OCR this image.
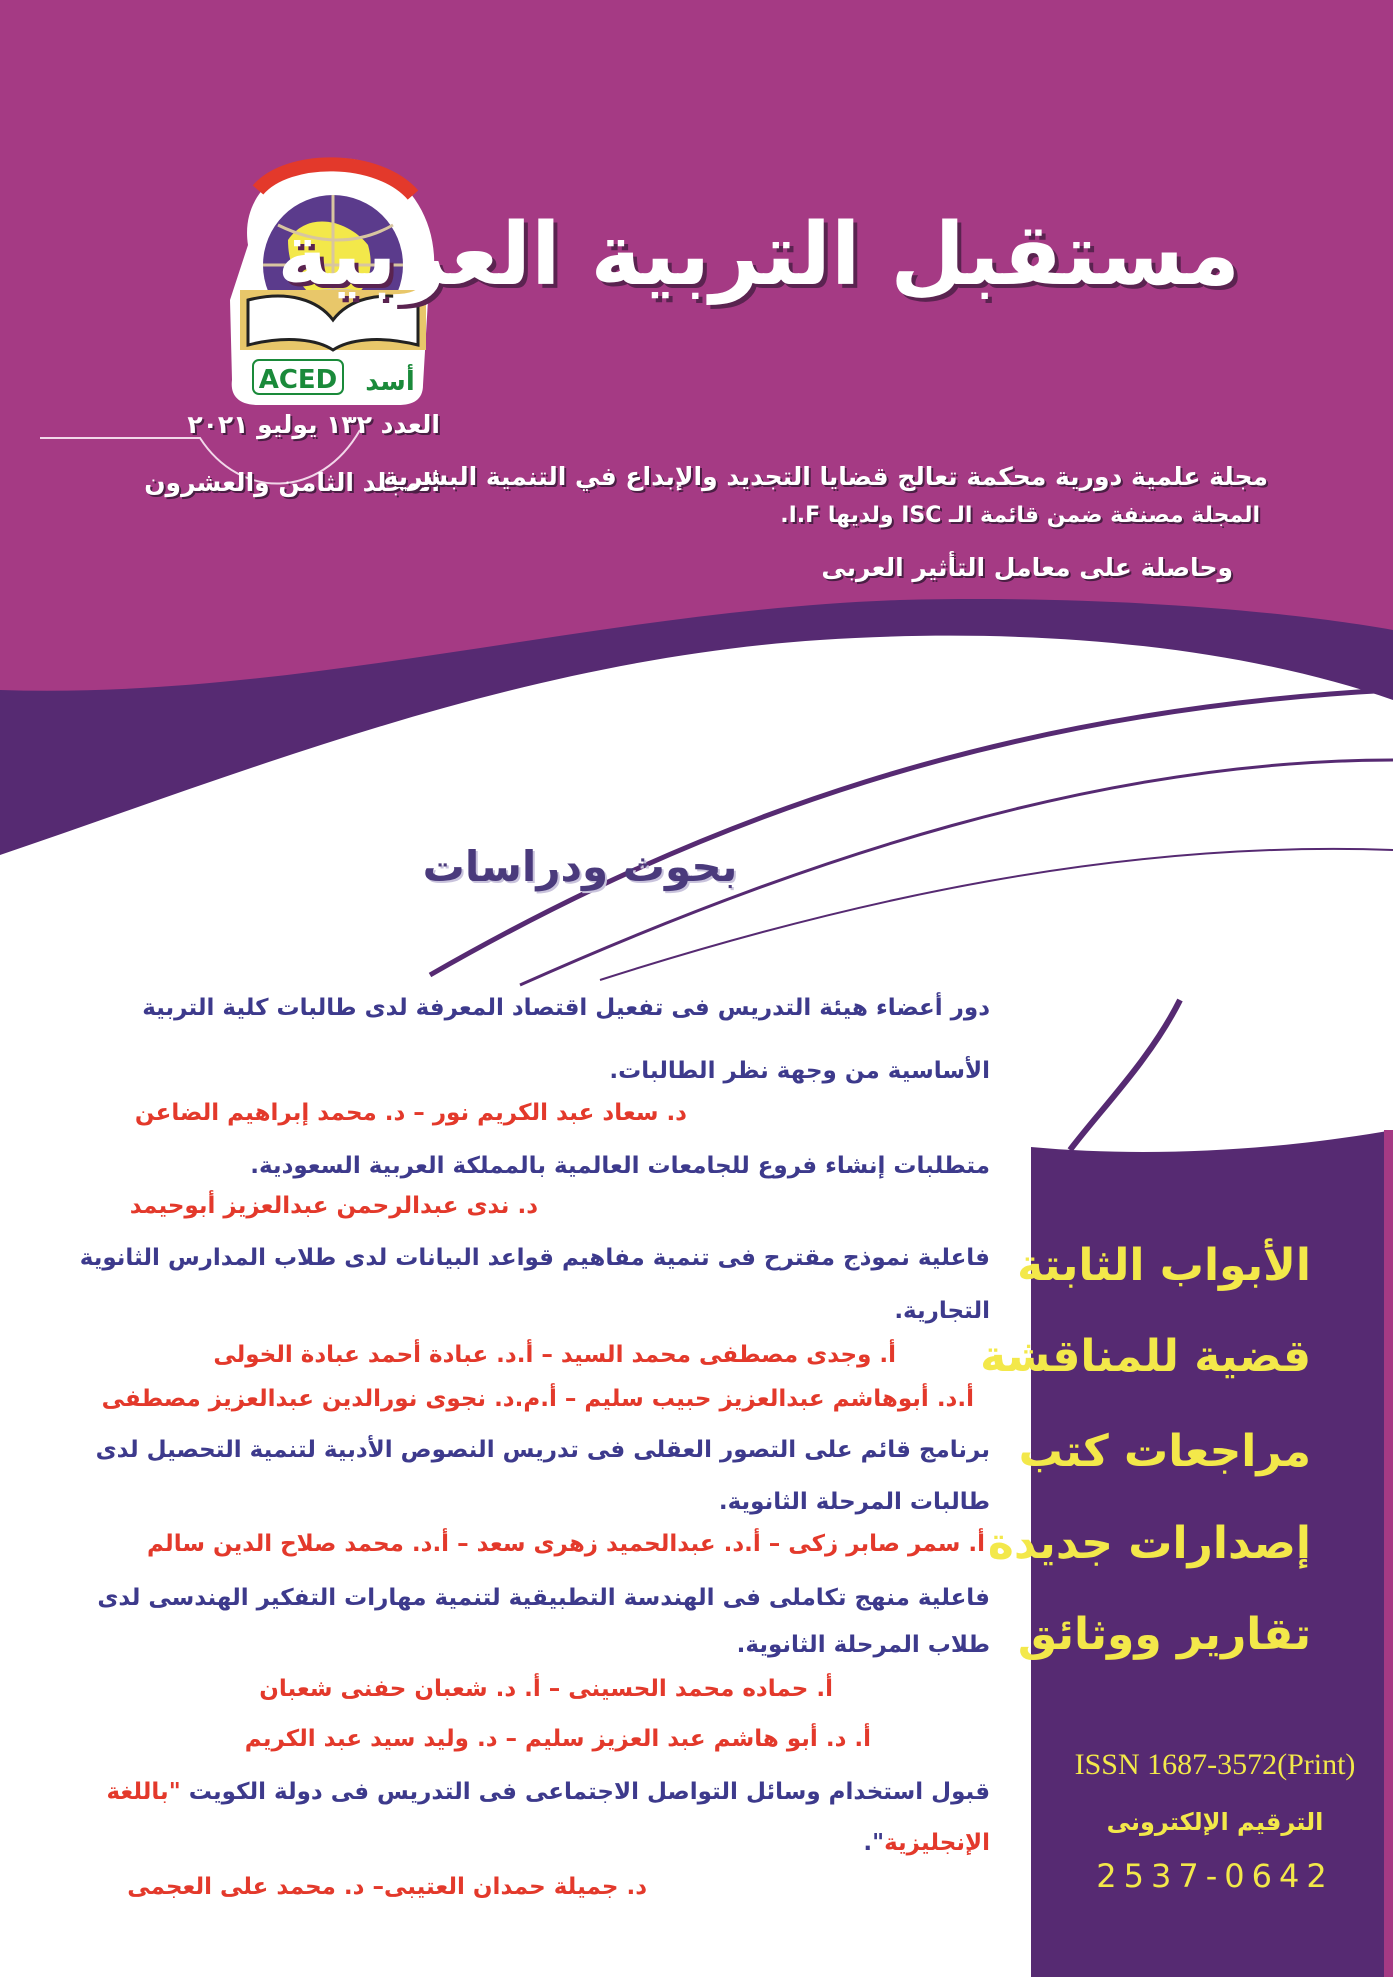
ACED أسد
مستقبل التربية العربية
العدد ١٣٢ يوليو ٢٠٢١
المجلد الثامن والعشرون
مجلة علمية دورية محكمة تعالج قضايا التجديد والإبداع في التنمية البشرية
المجلة مصنفة ضمن قائمة الـ ISC ولديها I.F.
وحاصلة على معامل التأثير العربى
بحوث ودراسات
دور أعضاء هيئة التدريس فى تفعيل اقتصاد المعرفة لدى طالبات كلية التربية
الأساسية من وجهة نظر الطالبات.
د. سعاد عبد الكريم نور – د. محمد إبراهيم الضاعن
متطلبات إنشاء فروع للجامعات العالمية بالمملكة العربية السعودية.
د. ندى عبدالرحمن عبدالعزيز أبوحيمد
فاعلية نموذج مقترح فى تنمية مفاهيم قواعد البيانات لدى طلاب المدارس الثانوية
التجارية.
أ. وجدى مصطفى محمد السيد – أ.د. عبادة أحمد عبادة الخولى
أ.د. أبوهاشم عبدالعزيز حبيب سليم – أ.م.د. نجوى نورالدين عبدالعزيز مصطفى
برنامج قائم على التصور العقلى فى تدريس النصوص الأدبية لتنمية التحصيل لدى
طالبات المرحلة الثانوية.
أ. سمر صابر زكى – أ.د. عبدالحميد زهرى سعد – أ.د. محمد صلاح الدين سالم
فاعلية منهج تكاملى فى الهندسة التطبيقية لتنمية مهارات التفكير الهندسى لدى
طلاب المرحلة الثانوية.
أ. حماده محمد الحسينى – أ. د. شعبان حفنى شعبان
أ. د. أبو هاشم عبد العزيز سليم – د. وليد سيد عبد الكريم
قبول استخدام وسائل التواصل الاجتماعى فى التدريس فى دولة الكويت "باللغة
الإنجليزية".
د. جميلة حمدان العتيبى– د. محمد على العجمى
الأبواب الثابتة
قضية للمناقشة
مراجعات كتب
إصدارات جديدة
تقارير ووثائق
ISSN 1687-3572(Print)
الترقيم الإلكترونى
2537-0642
